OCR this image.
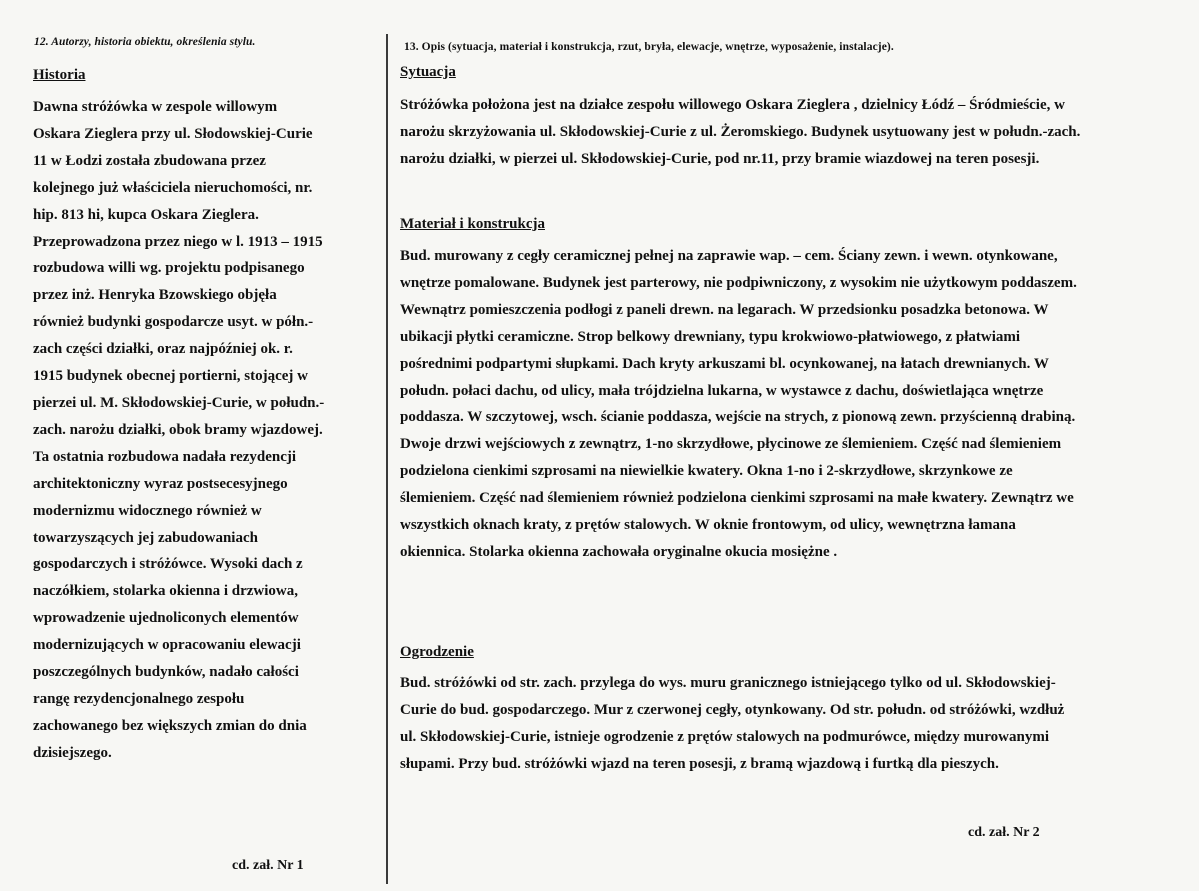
12. Autorzy, historia obiektu, określenia stylu.	13. Opis (sytuacja, materiał i konstrukcja, rzut, bryła, elewacje, wnętrze, wyposażenie, instalacje).
Historia
Dawna stróżówka w zespole willowym
Oskara Zieglera przy ul. Słodowskiej-Curie
11 w Łodzi została zbudowana przez
kolejnego już właściciela nieruchomości, nr.
hip. 813 hi, kupca Oskara Zieglera.
Przeprowadzona przez niego w l. 1913 – 1915
rozbudowa willi wg. projektu podpisanego
przez inż. Henryka Bzowskiego objęła
również budynki gospodarcze usyt. w półn.-
zach części działki, oraz najpóźniej ok. r.
1915 budynek obecnej portierni, stojącej w
pierzei ul. M. Skłodowskiej-Curie, w połudn.-
zach. narożu działki, obok bramy wjazdowej.
Ta ostatnia rozbudowa nadała rezydencji
architektoniczny wyraz postsecesyjnego
modernizmu widocznego również w
towarzyszących jej zabudowaniach
gospodarczych i stróżówce. Wysoki dach z
naczółkiem, stolarka okienna i drzwiowa,
wprowadzenie ujednoliconych elementów
modernizujących w opracowaniu elewacji
poszczególnych budynków, nadało całości
rangę rezydencjonalnego zespołu
zachowanego bez większych zmian do dnia
dzisiejszego.
cd. zał. Nr 1
Sytuacja
Stróżówka położona jest na działce zespołu willowego Oskara Zieglera , dzielnicy Łódź – Śródmieście, w
narożu skrzyżowania ul. Skłodowskiej-Curie z ul. Żeromskiego. Budynek usytuowany jest w połudn.-zach.
narożu działki, w pierzei ul. Skłodowskiej-Curie, pod nr.11, przy bramie wiazdowej na teren posesji.
Materiał i konstrukcja
Bud. murowany z cegły ceramicznej pełnej na zaprawie wap. – cem. Ściany zewn. i wewn. otynkowane,
wnętrze pomalowane. Budynek jest parterowy, nie podpiwniczony, z wysokim nie użytkowym poddaszem.
Wewnątrz pomieszczenia podłogi z paneli drewn. na legarach. W przedsionku posadzka betonowa. W
ubikacji płytki ceramiczne. Strop belkowy drewniany, typu krokwiowo-płatwiowego, z płatwiami
pośrednimi podpartymi słupkami. Dach kryty arkuszami bl. ocynkowanej, na łatach drewnianych. W
połudn. połaci dachu, od ulicy, mała trójdzielna lukarna, w wystawce z dachu, doświetlająca wnętrze
poddasza. W szczytowej, wsch. ścianie poddasza, wejście na strych, z pionową zewn. przyścienną drabiną.
Dwoje drzwi wejściowych z zewnątrz, 1-no skrzydłowe, płycinowe ze ślemieniem. Część nad ślemieniem
podzielona cienkimi szprosami na niewielkie kwatery. Okna 1-no i 2-skrzydłowe, skrzynkowe ze
ślemieniem. Część nad ślemieniem również podzielona cienkimi szprosami na małe kwatery. Zewnątrz we
wszystkich oknach kraty, z prętów stalowych. W oknie frontowym, od ulicy, wewnętrzna łamana
okiennica. Stolarka okienna zachowała oryginalne okucia mosiężne .
Ogrodzenie
Bud. stróżówki od str. zach. przylega do wys. muru granicznego istniejącego tylko od ul. Skłodowskiej-
Curie do bud. gospodarczego. Mur z czerwonej cegły, otynkowany. Od str. połudn. od stróżówki, wzdłuż
ul. Skłodowskiej-Curie, istnieje ogrodzenie z prętów stalowych na podmurówce, między murowanymi
słupami. Przy bud. stróżówki wjazd na teren posesji, z bramą wjazdową i furtką dla pieszych.
cd. zał. Nr 2
